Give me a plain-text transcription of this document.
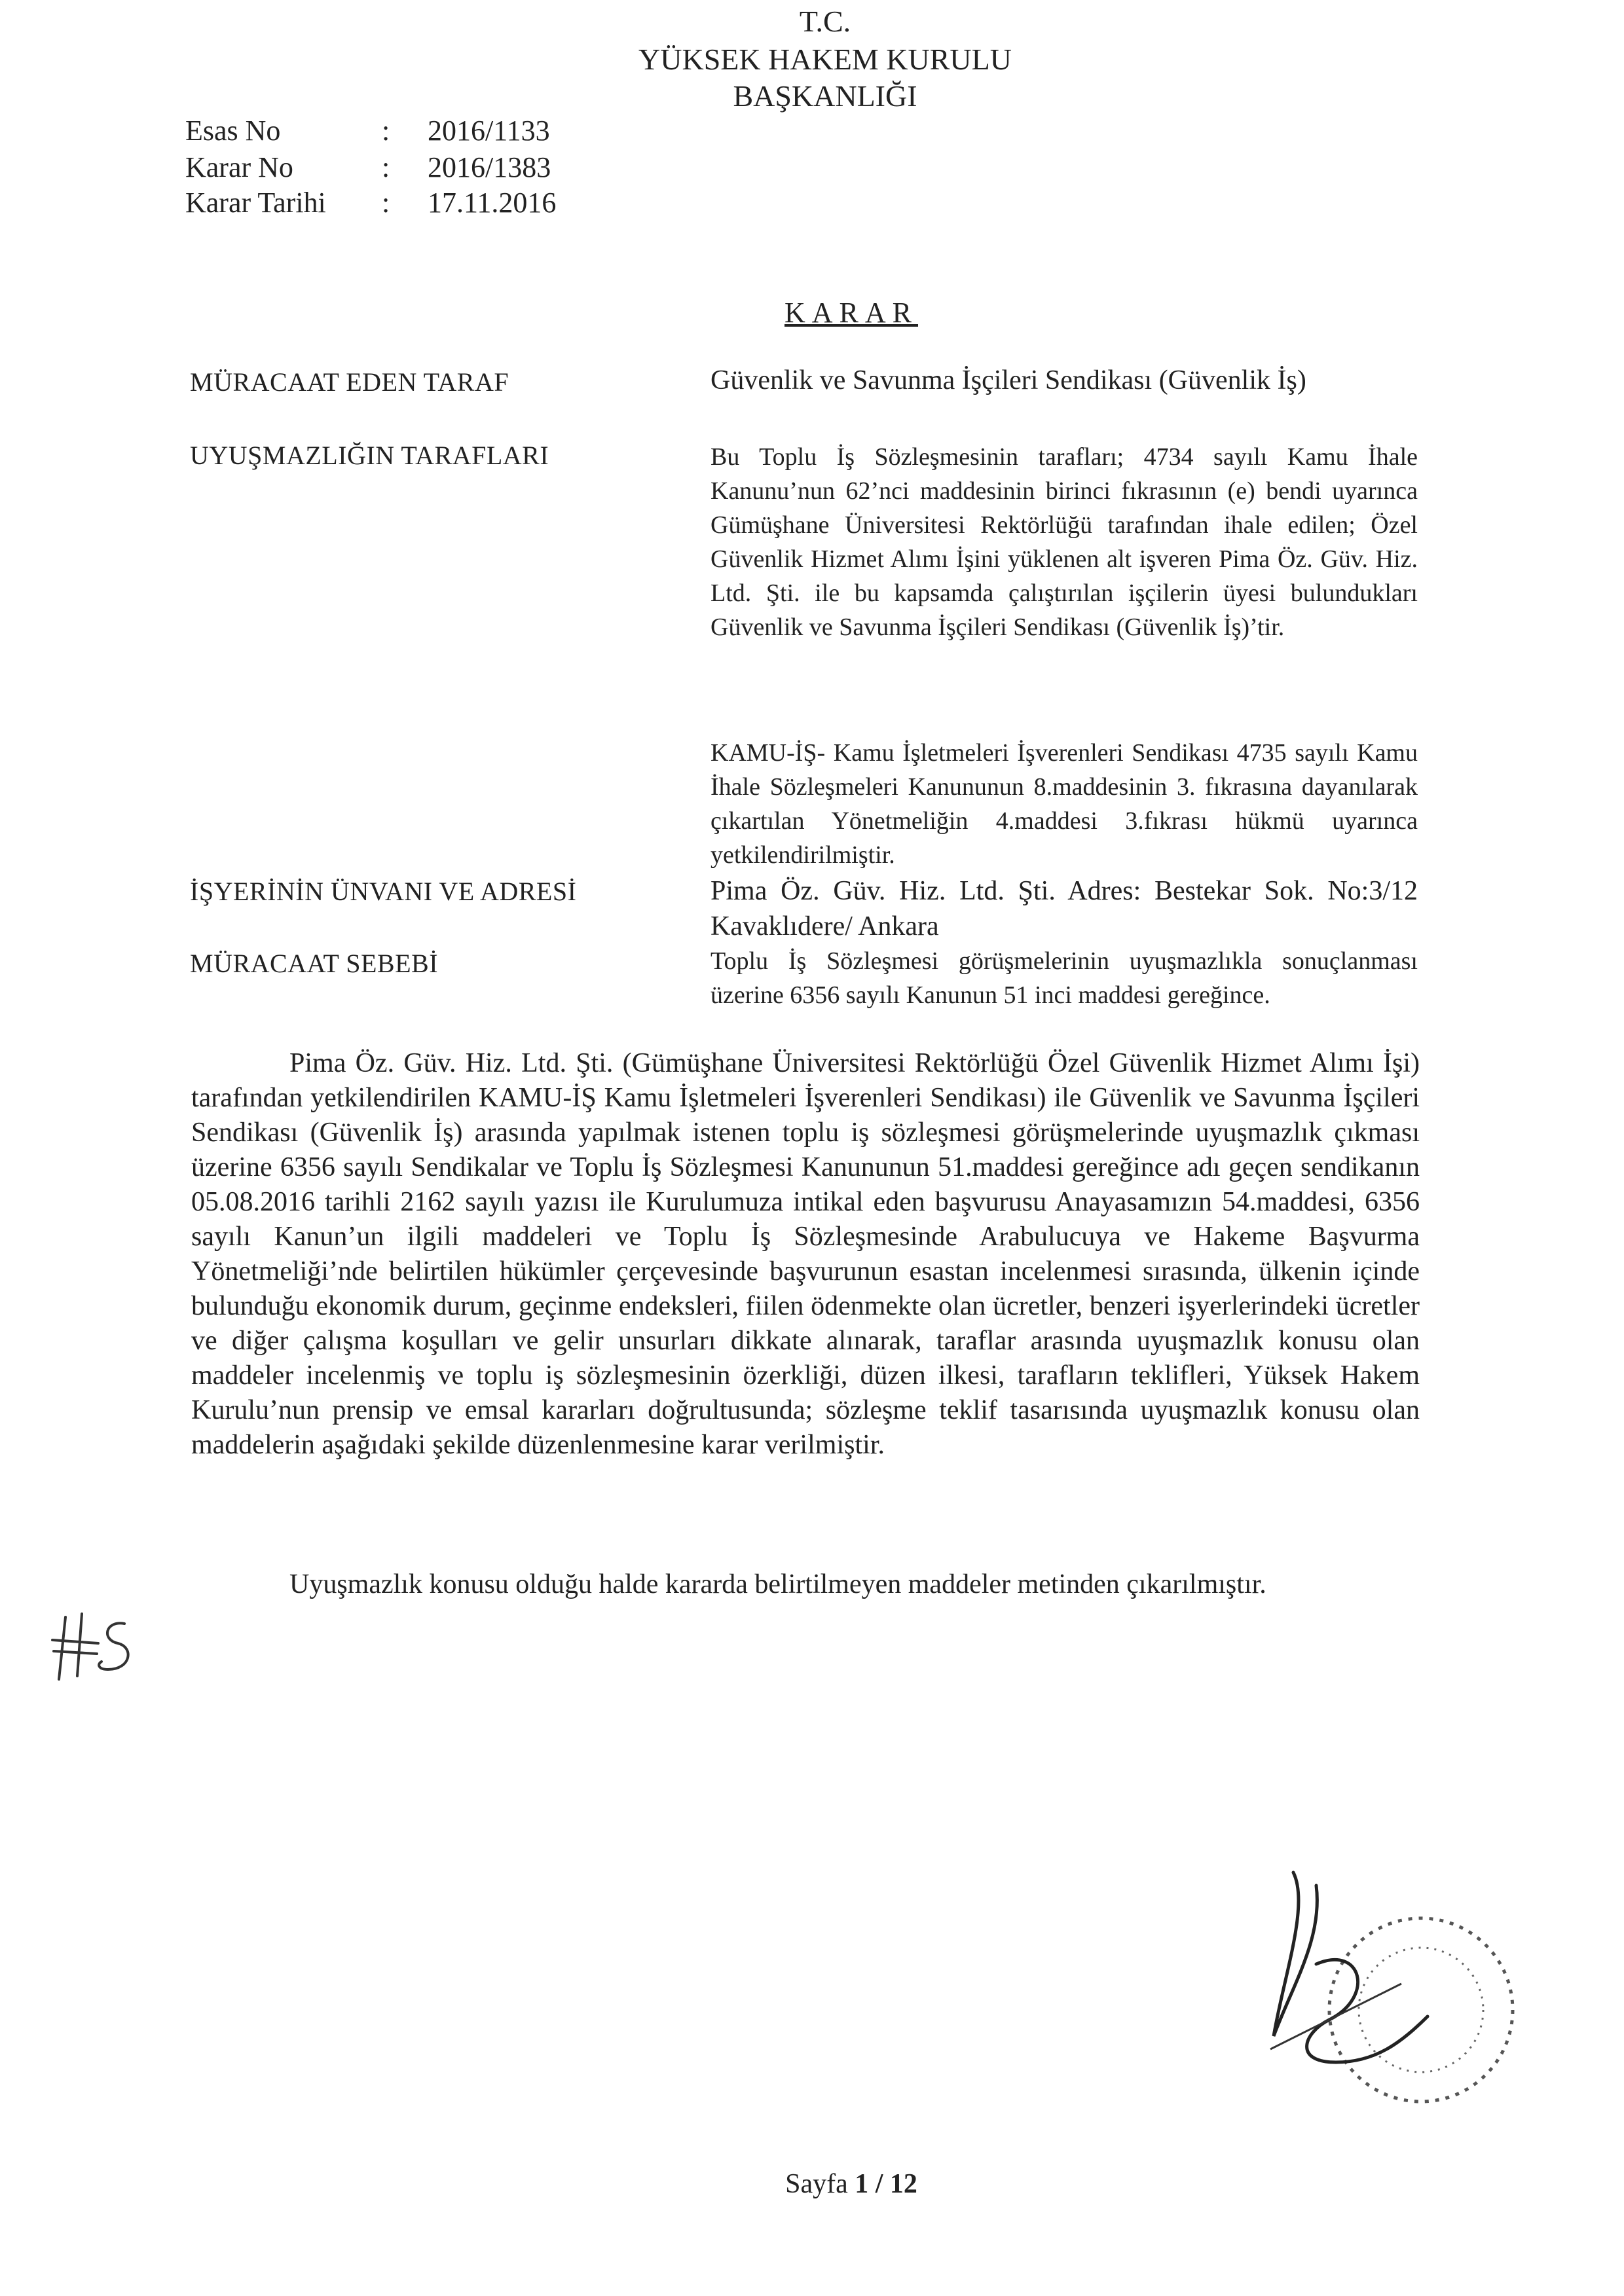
T.C.
YÜKSEK HAKEM KURULU
BAŞKANLIĞI
Esas No	: 2016/1133
Karar No	: 2016/1383
Karar Tarihi : 17.11.2016
KARAR
MÜRACAAT EDEN TARAF
UYUŞMAZLIĞIN TARAFLARI
İŞYERİNİN ÜNVANI VE ADRESİ
MÜRACAAT SEBEBİ
Güvenlik ve Savunma İşçileri Sendikası (Güvenlik İş)
Bu Toplu İş Sözleşmesinin tarafları; 4734 sayılı Kamu İhale Kanunu’nun 62’nci maddesinin birinci fıkrasının (e) bendi uyarınca Gümüşhane Üniversitesi Rektörlüğü tarafından ihale edilen; Özel Güvenlik Hizmet Alımı İşini yüklenen alt işveren Pima Öz. Güv. Hiz. Ltd. Şti. ile bu kapsamda çalıştırılan işçilerin üyesi bulundukları Güvenlik ve Savunma İşçileri Sendikası (Güvenlik İş)’tir.
KAMU-İŞ- Kamu İşletmeleri İşverenleri Sendikası 4735 sayılı Kamu İhale Sözleşmeleri Kanununun 8.maddesinin 3. fıkrasına dayanılarak çıkartılan Yönetmeliğin 4.maddesi 3.fıkrası hükmü uyarınca yetkilendirilmiştir.
Pima Öz. Güv. Hiz. Ltd. Şti. Adres: Bestekar Sok. No:3/12 Kavaklıdere/ Ankara
Toplu İş Sözleşmesi görüşmelerinin uyuşmazlıkla sonuçlanması üzerine 6356 sayılı Kanunun 51 inci maddesi gereğince.
Pima Öz. Güv. Hiz. Ltd. Şti. (Gümüşhane Üniversitesi Rektörlüğü Özel Güvenlik Hizmet Alımı İşi) tarafından yetkilendirilen KAMU-İŞ Kamu İşletmeleri İşverenleri Sendikası) ile Güvenlik ve Savunma İşçileri Sendikası (Güvenlik İş) arasında yapılmak istenen toplu iş sözleşmesi görüşmelerinde uyuşmazlık çıkması üzerine 6356 sayılı Sendikalar ve Toplu İş Sözleşmesi Kanununun 51.maddesi gereğince adı geçen sendikanın 05.08.2016 tarihli 2162 sayılı yazısı ile Kurulumuza intikal eden başvurusu Anayasamızın 54.maddesi, 6356 sayılı Kanun’un ilgili maddeleri ve Toplu İş Sözleşmesinde Arabulucuya ve Hakeme Başvurma Yönetmeliği’nde belirtilen hükümler çerçevesinde başvurunun esastan incelenmesi sırasında, ülkenin içinde bulunduğu ekonomik durum, geçinme endeksleri, fiilen ödenmekte olan ücretler, benzeri işyerlerindeki ücretler ve diğer çalışma koşulları ve gelir unsurları dikkate alınarak, taraflar arasında uyuşmazlık konusu olan maddeler incelenmiş ve toplu iş sözleşmesinin özerkliği, düzen ilkesi, tarafların teklifleri, Yüksek Hakem Kurulu’nun prensip ve emsal kararları doğrultusunda; sözleşme teklif tasarısında uyuşmazlık konusu olan maddelerin aşağıdaki şekilde düzenlenmesine karar verilmiştir.
Uyuşmazlık konusu olduğu halde kararda belirtilmeyen maddeler metinden çıkarılmıştır.
Sayfa 1 / 12
